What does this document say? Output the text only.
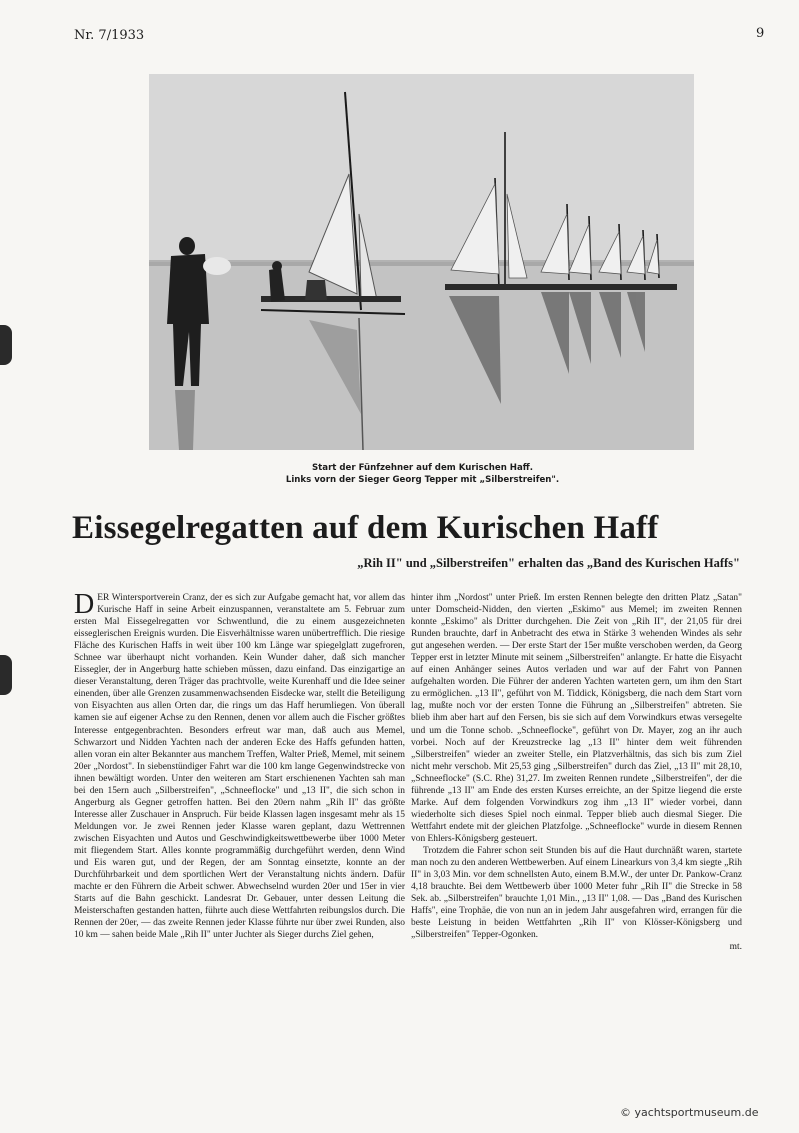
Nr. 7/1933	9
Start der Fünfzehner auf dem Kurischen Haff.
Links vorn der Sieger Georg Tepper mit „Silberstreifen".
Eissegelregatten auf dem Kurischen Haff
„Rih II" und „Silberstreifen" erhalten das „Band des Kurischen Haffs"

DER Wintersportverein Cranz, der es sich zur Aufgabe gemacht hat, vor allem das Kurische Haff in seine Arbeit einzuspannen, veranstaltete am 5. Februar zum ersten Mal Eissegelregatten vor Schwentlund, die zu einem ausgezeichneten eisseglerischen Ereignis wurden. Die Eisverhältnisse waren unübertrefflich. Die riesige Fläche des Kurischen Haffs in weit über 100 km Länge war spiegelglatt zugefroren, Schnee war überhaupt nicht vorhanden. Kein Wunder daher, daß sich mancher Eissegler, der in Angerburg hatte schieben müssen, dazu einfand. Das einzigartige an dieser Veranstaltung, deren Träger das prachtvolle, weite Kurenhaff und die Idee seiner einenden, über alle Grenzen zusammenwachsenden Eisdecke war, stellt die Beteiligung von Eisyachten aus allen Orten dar, die rings um das Haff herumliegen. Von überall kamen sie auf eigener Achse zu den Rennen, denen vor allem auch die Fischer größtes Interesse entgegenbrachten. Besonders erfreut war man, daß auch aus Memel, Schwarzort und Nidden Yachten nach der anderen Ecke des Haffs gefunden hatten, allen voran ein alter Bekannter aus manchem Treffen, Walter Prieß, Memel, mit seinem 20er „Nordost". In siebenstündiger Fahrt war die 100 km lange Gegenwindstrecke von ihnen bewältigt worden. Unter den weiteren am Start erschienenen Yachten sah man bei den 15ern auch „Silberstreifen", „Schneeflocke" und „13 II", die sich schon in Angerburg als Gegner getroffen hatten. Bei den 20ern nahm „Rih II" das größte Interesse aller Zuschauer in Anspruch. Für beide Klassen lagen insgesamt mehr als 15 Meldungen vor. Je zwei Rennen jeder Klasse waren geplant, dazu Wettrennen zwischen Eisyachten und Autos und Geschwindigkeitswettbewerbe über 1000 Meter mit fliegendem Start. Alles konnte programmäßig durchgeführt werden, denn Wind und Eis waren gut, und der Regen, der am Sonntag einsetzte, konnte an der Durchführbarkeit und dem sportlichen Wert der Veranstaltung nichts ändern. Dafür machte er den Führern die Arbeit schwer. Abwechselnd wurden 20er und 15er in vier Starts auf die Bahn geschickt. Landesrat Dr. Gebauer, unter dessen Leitung die Meisterschaften gestanden hatten, führte auch diese Wettfahrten reibungslos durch. Die Rennen der 20er, — das zweite Rennen jeder Klasse führte nur über zwei Runden, also 10 km — sahen beide Male „Rih II" unter Juchter als Sieger durchs Ziel gehen,

hinter ihm „Nordost" unter Prieß. Im ersten Rennen belegte den dritten Platz „Satan" unter Domscheid-Nidden, den vierten „Eskimo" aus Memel; im zweiten Rennen konnte „Eskimo" als Dritter durchgehen. Die Zeit von „Rih II", der 21,05 für drei Runden brauchte, darf in Anbetracht des etwa in Stärke 3 wehenden Windes als sehr gut angesehen werden. — Der erste Start der 15er mußte verschoben werden, da Georg Tepper erst in letzter Minute mit seinem „Silberstreifen" anlangte. Er hatte die Eisyacht auf einen Anhänger seines Autos verladen und war auf der Fahrt von Pannen aufgehalten worden. Die Führer der anderen Yachten warteten gern, um ihm den Start zu ermöglichen. „13 II", geführt von M. Tiddick, Königsberg, die nach dem Start vorn lag, mußte noch vor der ersten Tonne die Führung an „Silberstreifen" abtreten. Sie blieb ihm aber hart auf den Fersen, bis sie sich auf dem Vorwindkurs etwas versegelte und um die Tonne schob. „Schneeflocke", geführt von Dr. Mayer, zog an ihr auch vorbei. Noch auf der Kreuzstrecke lag „13 II" hinter dem weit führenden „Silberstreifen" wieder an zweiter Stelle, ein Platzverhältnis, das sich bis zum Ziel nicht mehr verschob. Mit 25,53 ging „Silberstreifen" durch das Ziel, „13 II" mit 28,10, „Schneeflocke" (S.C. Rhe) 31,27. Im zweiten Rennen rundete „Silberstreifen", der die führende „13 II" am Ende des ersten Kurses erreichte, an der Spitze liegend die erste Marke. Auf dem folgenden Vorwindkurs zog ihm „13 II" wieder vorbei, dann wiederholte sich dieses Spiel noch einmal. Tepper blieb auch diesmal Sieger. Die Wettfahrt endete mit der gleichen Platzfolge. „Schneeflocke" wurde in diesem Rennen von Ehlers-Königsberg gesteuert.

Trotzdem die Fahrer schon seit Stunden bis auf die Haut durchnäßt waren, startete man noch zu den anderen Wettbewerben. Auf einem Linearkurs von 3,4 km siegte „Rih II" in 3,03 Min. vor dem schnellsten Auto, einem B.M.W., der unter Dr. Pankow-Cranz 4,18 brauchte. Bei dem Wettbewerb über 1000 Meter fuhr „Rih II" die Strecke in 58 Sek. ab. „Silberstreifen" brauchte 1,01 Min., „13 II" 1,08. — Das „Band des Kurischen Haffs", eine Trophäe, die von nun an in jedem Jahr ausgefahren wird, errangen für die beste Leistung in beiden Wettfahrten „Rih II" von Klösser-Königsberg und „Silberstreifen" Tepper-Ogonken.

mt.
© yachtsportmuseum.de
